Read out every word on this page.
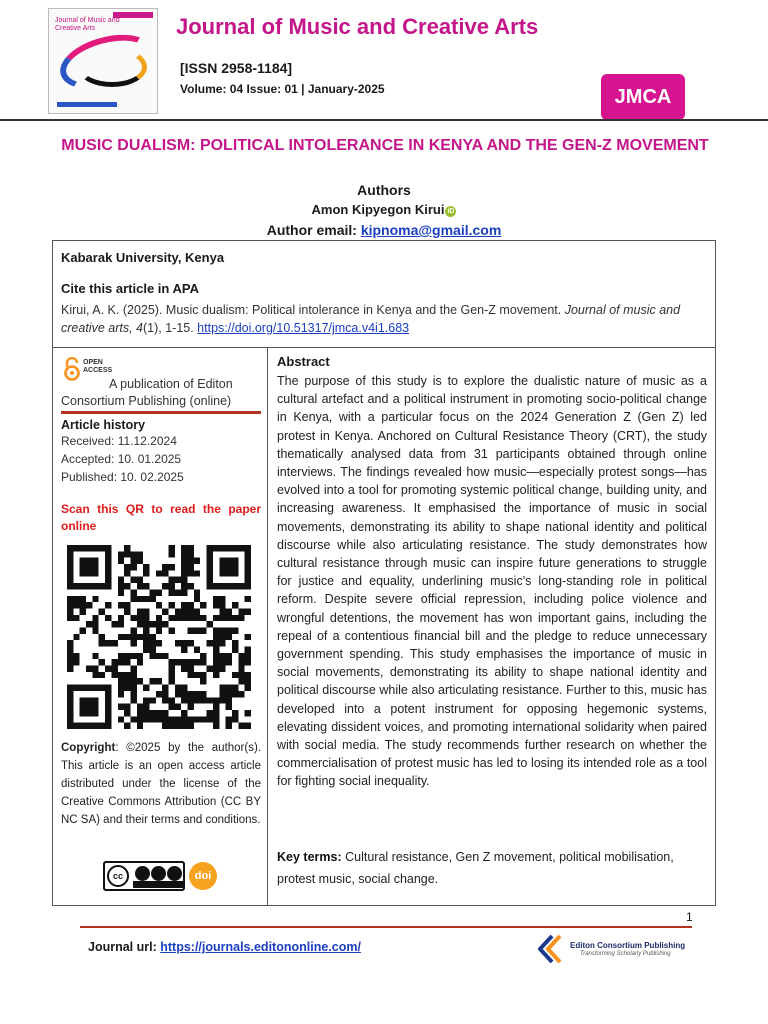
Journal of Music and Creative Arts	Journal of Music and Creative Arts
[ISSN 2958-1184]
Volume: 04 Issue: 01 | January-2025	JMCA
MUSIC DUALISM: POLITICAL INTOLERANCE IN KENYA AND THE GEN-Z MOVEMENT
Authors
Amon Kipyegon Kirui iD
Author email: kipnoma@gmail.com
Kabarak University, Kenya
Cite this article in APA
Kirui, A. K. (2025). Music dualism: Political intolerance in Kenya and the Gen-Z movement. Journal of music and creative arts, 4(1), 1-15. https://doi.org/10.51317/jmca.v4i1.683
OPEN
ACCESS
A publication of Editon Consortium Publishing (online)
Article history
Received: 11.12.2024
Accepted: 10. 01.2025
Published: 10. 02.2025
Scan this QR to read the paper online
Copyright: ©2025 by the author(s). This article is an open access article distributed under the license of the Creative Commons Attribution (CC BY NC SA) and their terms and conditions.
cc	doi
Abstract
The purpose of this study is to explore the dualistic nature of music as a cultural artefact and a political instrument in promoting socio-political change in Kenya, with a particular focus on the 2024 Generation Z (Gen Z) led protest in Kenya. Anchored on Cultural Resistance Theory (CRT), the study thematically analysed data from 31 participants obtained through online interviews. The findings revealed how music—especially protest songs—has evolved into a tool for promoting systemic political change, building unity, and increasing awareness. It emphasised the importance of music in social movements, demonstrating its ability to shape national identity and political discourse while also articulating resistance. The study demonstrates how cultural resistance through music can inspire future generations to struggle for justice and equality, underlining music's long-standing role in political reform. Despite severe official repression, including police violence and wrongful detentions, the movement has won important gains, including the repeal of a contentious financial bill and the pledge to reduce unnecessary government spending. This study emphasises the importance of music in social movements, demonstrating its ability to shape national identity and political discourse while also articulating resistance. Further to this, music has developed into a potent instrument for opposing hegemonic systems, elevating dissident voices, and promoting international solidarity when paired with social media. The study recommends further research on whether the commercialisation of protest music has led to losing its intended role as a tool for fighting social inequality.
Key terms: Cultural resistance, Gen Z movement, political mobilisation, protest music, social change.
1
Journal url: https://journals.editononline.com/	Editon Consortium Publishing
Transforming Scholarly Publishing
